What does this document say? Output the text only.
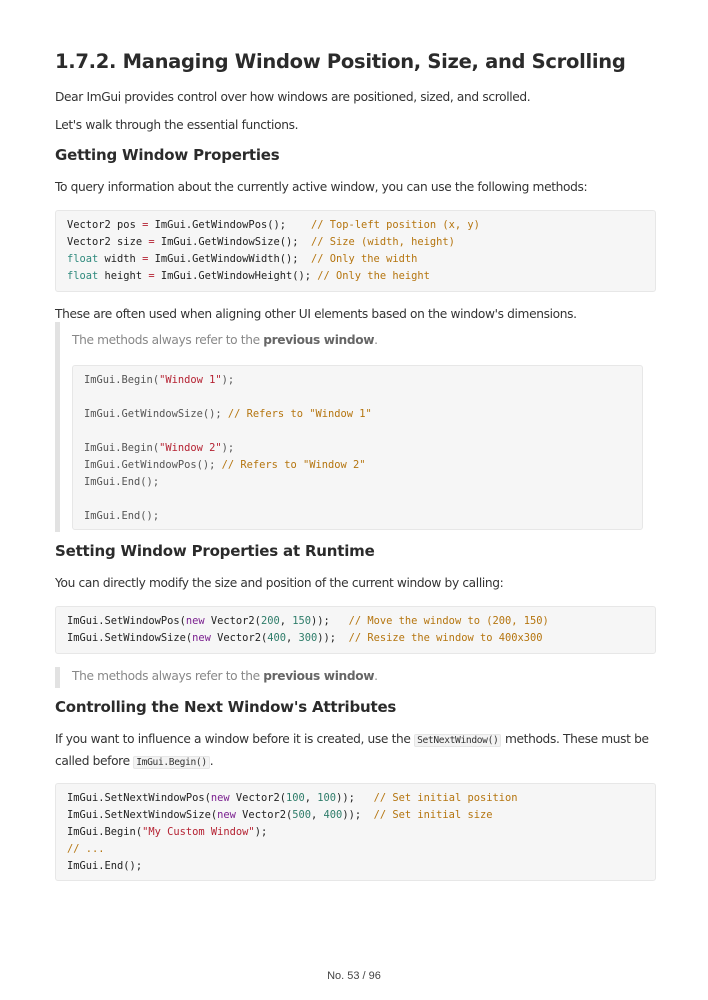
1.7.2. Managing Window Position, Size, and Scrolling

Dear ImGui provides control over how windows are positioned, sized, and scrolled.

Let's walk through the essential functions.

Getting Window Properties

To query information about the currently active window, you can use the following methods:

Vector2 pos = ImGui.GetWindowPos(); // Top-left position (x, y)
Vector2 size = ImGui.GetWindowSize(); // Size (width, height)
float width = ImGui.GetWindowWidth(); // Only the width
float height = ImGui.GetWindowHeight(); // Only the height

These are often used when aligning other UI elements based on the window's dimensions.

The methods always refer to the previous window.

ImGui.Begin("Window 1");
ImGui.GetWindowSize(); // Refers to "Window 1"
ImGui.Begin("Window 2");
ImGui.GetWindowPos(); // Refers to "Window 2"
ImGui.End();
ImGui.End();
Setting Window Properties at Runtime

You can directly modify the size and position of the current window by calling:

ImGui.SetWindowPos(new Vector2(200, 150)); // Move the window to (200, 150)
ImGui.SetWindowSize(new Vector2(400, 300)); // Resize the window to 400x300

The methods always refer to the previous window.

Controlling the Next Window's Attributes

If you want to influence a window before it is created, use the SetNextWindow() methods. These must be
called before ImGui.Begin() .

ImGui.SetNextWindowPos(new Vector2(100, 100)); // Set initial position
ImGui.SetNextWindowSize(new Vector2(500, 400)); // Set initial size
ImGui.Begin("My Custom Window");
// ...
ImGui.End();
No. 53 / 96
